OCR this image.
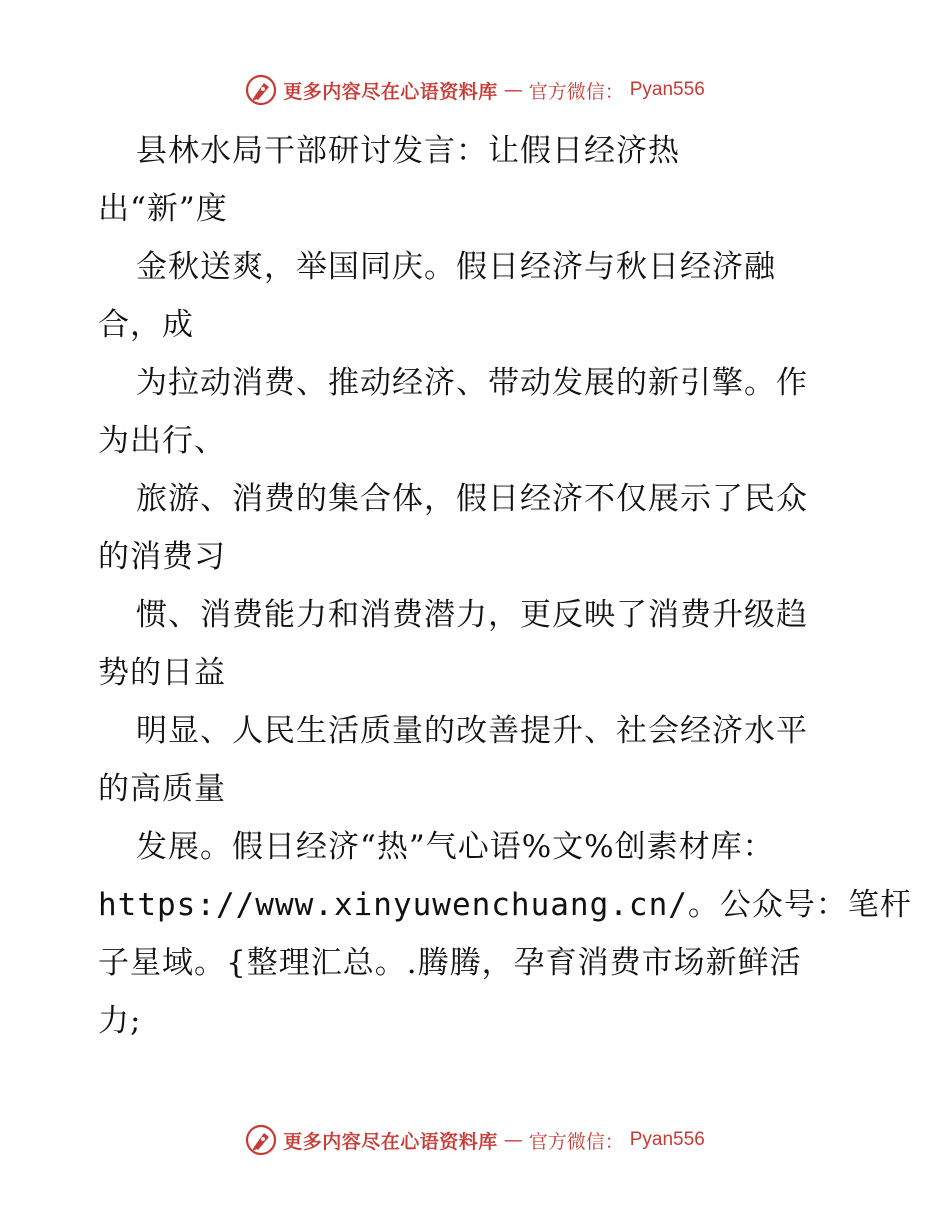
更多内容尽在心语资料库 — 官方微信： Pyan556
县林水局干部研讨发言：让假日经济热
出“新”度
金秋送爽，举国同庆。假日经济与秋日经济融
合，成
为拉动消费、推动经济、带动发展的新引擎。作
为出行、
旅游、消费的集合体，假日经济不仅展示了民众
的消费习
惯、消费能力和消费潜力，更反映了消费升级趋
势的日益
明显、人民生活质量的改善提升、社会经济水平
的高质量
发展。假日经济“热”气心语%文%创素材库：
https://www.xinyuwenchuang.cn/。公众号：笔杆
子星域。{整理汇总。.腾腾，孕育消费市场新鲜活
力;
更多内容尽在心语资料库 — 官方微信： Pyan556
